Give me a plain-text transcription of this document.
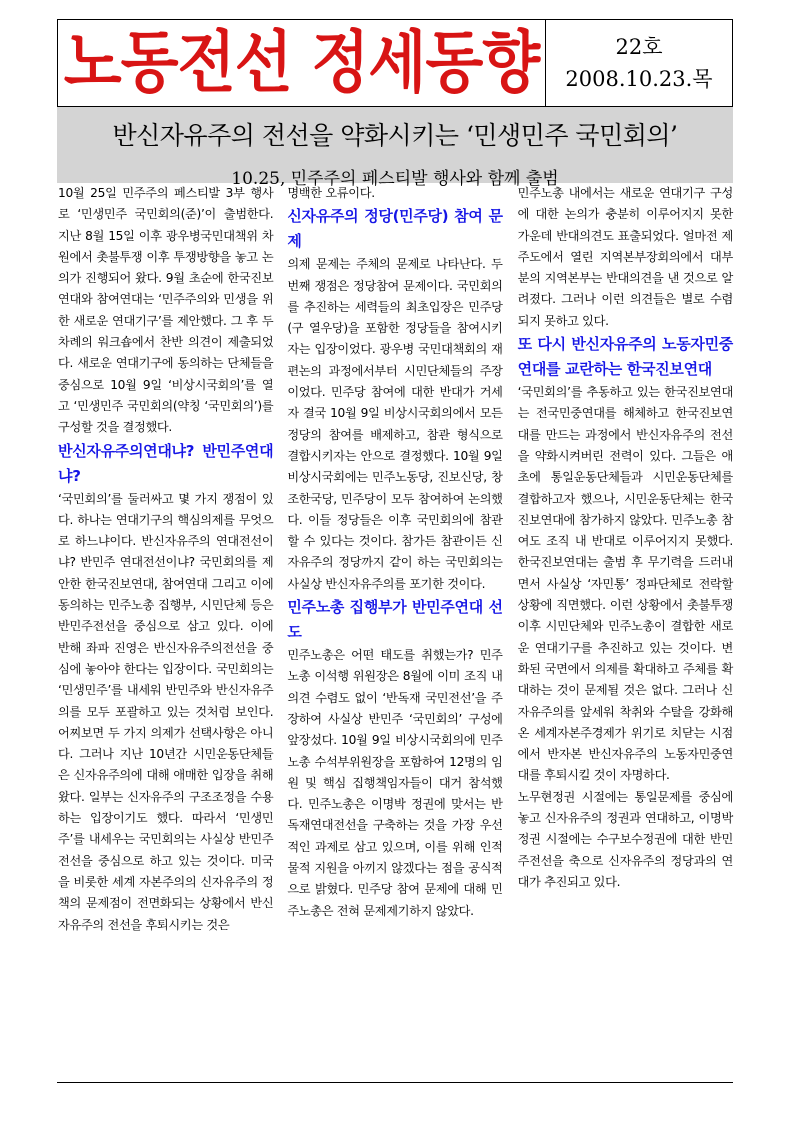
노동전선 정세동향	22호
2008.10.23.목
반신자유주의 전선을 약화시키는 ‘민생민주 국민회의’
10.25, 민주주의 페스티발 행사와 함께 출범

10월 25일 민주주의 페스티발 3부 행사로 ‘민생민주 국민회의(준)’이 출범한다. 지난 8월 15일 이후 광우병국민대책위 차원에서 촛불투쟁 이후 투쟁방향을 놓고 논의가 진행되어 왔다. 9월 초순에 한국진보연대와 참여연대는 ‘민주주의와 민생을 위한 새로운 연대기구’를 제안했다. 그 후 두 차례의 워크숍에서 찬반 의견이 제출되었다. 새로운 연대기구에 동의하는 단체들을 중심으로 10월 9일 ‘비상시국회의’를 열고 ‘민생민주 국민회의(약칭 ‘국민회의’)를 구성할 것을 결정했다.

반신자유주의연대냐? 반민주연대냐?

‘국민회의’를 둘러싸고 몇 가지 쟁점이 있다. 하나는 연대기구의 핵심의제를 무엇으로 하느냐이다. 반신자유주의 연대전선이냐? 반민주 연대전선이냐? 국민회의를 제안한 한국진보연대, 참여연대 그리고 이에 동의하는 민주노총 집행부, 시민단체 등은 반민주전선을 중심으로 삼고 있다. 이에 반해 좌파 진영은 반신자유주의전선을 중심에 놓아야 한다는 입장이다. 국민회의는 ‘민생민주’를 내세워 반민주와 반신자유주의를 모두 포괄하고 있는 것처럼 보인다. 어찌보면 두 가지 의제가 선택사항은 아니다. 그러나 지난 10년간 시민운동단체들은 신자유주의에 대해 애매한 입장을 취해 왔다. 일부는 신자유주의 구조조정을 수용하는 입장이기도 했다. 따라서 ‘민생민주’를 내세우는 국민회의는 사실상 반민주전선을 중심으로 하고 있는 것이다. 미국을 비롯한 세계 자본주의의 신자유주의 정책의 문제점이 전면화되는 상황에서 반신자유주의 전선을 후퇴시키는 것은

명백한 오류이다.

신자유주의 정당(민주당) 참여 문제

의제 문제는 주체의 문제로 나타난다. 두 번째 쟁점은 정당참여 문제이다. 국민회의를 추진하는 세력들의 최초입장은 민주당(구 열우당)을 포함한 정당들을 참여시키자는 입장이었다. 광우병 국민대책회의 재편논의 과정에서부터 시민단체들의 주장이었다. 민주당 참여에 대한 반대가 거세자 결국 10월 9일 비상시국회의에서 모든 정당의 참여를 배제하고, 참관 형식으로 결합시키자는 안으로 결정했다. 10월 9일 비상시국회에는 민주노동당, 진보신당, 창조한국당, 민주당이 모두 참여하여 논의했다. 이들 정당들은 이후 국민회의에 참관할 수 있다는 것이다. 참가든 참관이든 신자유주의 정당까지 같이 하는 국민회의는 사실상 반신자유주의를 포기한 것이다.

민주노총 집행부가 반민주연대 선도

민주노총은 어떤 태도를 취했는가? 민주노총 이석행 위원장은 8월에 이미 조직 내 의견 수렴도 없이 ‘반독재 국민전선’을 주장하여 사실상 반민주 ‘국민회의’ 구성에 앞장섰다. 10월 9일 비상시국회의에 민주노총 수석부위원장을 포함하여 12명의 임원 및 핵심 집행책임자들이 대거 참석했다. 민주노총은 이명박 정권에 맞서는 반독재연대전선을 구축하는 것을 가장 우선적인 과제로 삼고 있으며, 이를 위해 인적 물적 지원을 아끼지 않겠다는 점을 공식적으로 밝혔다. 민주당 참여 문제에 대해 민주노총은 전혀 문제제기하지 않았다.

민주노총 내에서는 새로운 연대기구 구성에 대한 논의가 충분히 이루어지지 못한 가운데 반대의견도 표출되었다. 얼마전 제주도에서 열린 지역본부장회의에서 대부분의 지역본부는 반대의견을 낸 것으로 알려졌다. 그러나 이런 의견들은 별로 수렴되지 못하고 있다.

또 다시 반신자유주의 노동자민중연대를 교란하는 한국진보연대

‘국민회의’를 추동하고 있는 한국진보연대는 전국민중연대를 해체하고 한국진보연대를 만드는 과정에서 반신자유주의 전선을 약화시켜버린 전력이 있다. 그들은 애초에 통일운동단체들과 시민운동단체를 결합하고자 했으나, 시민운동단체는 한국진보연대에 참가하지 않았다. 민주노총 참여도 조직 내 반대로 이루어지지 못했다. 한국진보연대는 출범 후 무기력을 드러내면서 사실상 ‘자민통’ 정파단체로 전락할 상황에 직면했다. 이런 상황에서 촛불투쟁 이후 시민단체와 민주노총이 결합한 새로운 연대기구를 추진하고 있는 것이다. 변화된 국면에서 의제를 확대하고 주체를 확대하는 것이 문제될 것은 없다. 그러나 신자유주의를 앞세워 착취와 수탈을 강화해 온 세계자본주경제가 위기로 치닫는 시점에서 반자본 반신자유주의 노동자민중연대를 후퇴시킬 것이 자명하다.

노무현정권 시절에는 통일문제를 중심에 놓고 신자유주의 정권과 연대하고, 이명박정권 시절에는 수구보수정권에 대한 반민주전선을 축으로 신자유주의 정당과의 연대가 추진되고 있다.
